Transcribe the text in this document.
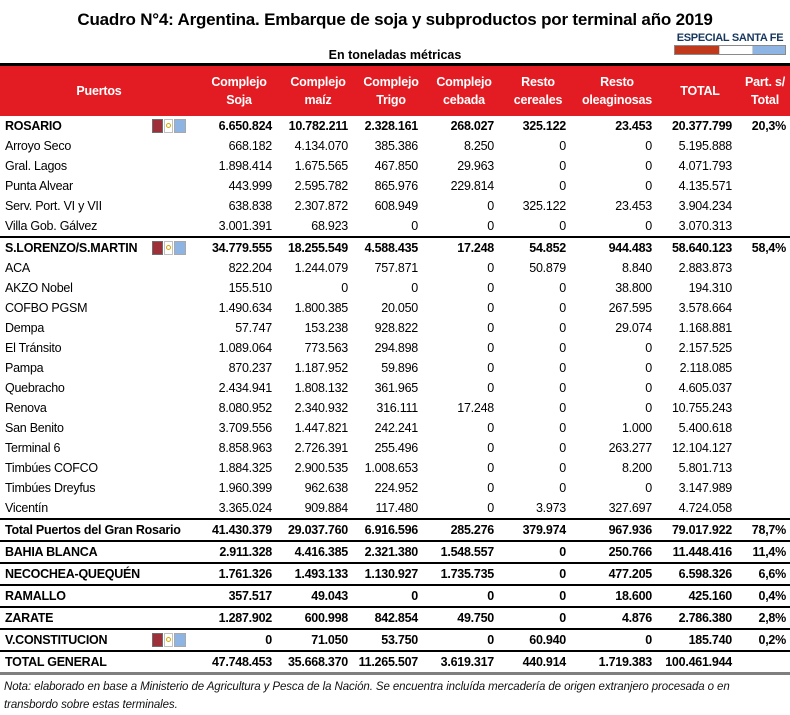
Cuadro N°4: Argentina. Embarque de soja y subproductos por terminal año 2019
En toneladas métricas
ESPECIAL SANTA FE
Puertos	Complejo Soja	Complejo maíz	Complejo Trigo	Complejo cebada	Resto cereales	Resto oleaginosas	TOTAL	Part. s/ Total
ROSARIO	6.650.824	10.782.211	2.328.161	268.027	325.122	23.453	20.377.799	20,3%
Arroyo Seco	668.182	4.134.070	385.386	8.250	0	0	5.195.888	
Gral. Lagos	1.898.414	1.675.565	467.850	29.963	0	0	4.071.793	
Punta Alvear	443.999	2.595.782	865.976	229.814	0	0	4.135.571	
Serv. Port. VI y VII	638.838	2.307.872	608.949	0	325.122	23.453	3.904.234	
Villa Gob. Gálvez	3.001.391	68.923	0	0	0	0	3.070.313	
S.LORENZO/S.MARTIN	34.779.555	18.255.549	4.588.435	17.248	54.852	944.483	58.640.123	58,4%
ACA	822.204	1.244.079	757.871	0	50.879	8.840	2.883.873	
AKZO Nobel	155.510	0	0	0	0	38.800	194.310	
COFBO PGSM	1.490.634	1.800.385	20.050	0	0	267.595	3.578.664	
Dempa	57.747	153.238	928.822	0	0	29.074	1.168.881	
El Tránsito	1.089.064	773.563	294.898	0	0	0	2.157.525	
Pampa	870.237	1.187.952	59.896	0	0	0	2.118.085	
Quebracho	2.434.941	1.808.132	361.965	0	0	0	4.605.037	
Renova	8.080.952	2.340.932	316.111	17.248	0	0	10.755.243	
San Benito	3.709.556	1.447.821	242.241	0	0	1.000	5.400.618	
Terminal 6	8.858.963	2.726.391	255.496	0	0	263.277	12.104.127	
Timbúes COFCO	1.884.325	2.900.535	1.008.653	0	0	8.200	5.801.713	
Timbúes Dreyfus	1.960.399	962.638	224.952	0	0	0	3.147.989	
Vicentín	3.365.024	909.884	117.480	0	3.973	327.697	4.724.058	
Total Puertos del Gran Rosario	41.430.379	29.037.760	6.916.596	285.276	379.974	967.936	79.017.922	78,7%
BAHIA BLANCA	2.911.328	4.416.385	2.321.380	1.548.557	0	250.766	11.448.416	11,4%
NECOCHEA-QUEQUÉN	1.761.326	1.493.133	1.130.927	1.735.735	0	477.205	6.598.326	6,6%
RAMALLO	357.517	49.043	0	0	0	18.600	425.160	0,4%
ZARATE	1.287.902	600.998	842.854	49.750	0	4.876	2.786.380	2,8%
V.CONSTITUCION	0	71.050	53.750	0	60.940	0	185.740	0,2%
TOTAL GENERAL	47.748.453	35.668.370	11.265.507	3.619.317	440.914	1.719.383	100.461.944	
Nota: elaborado en base a Ministerio de Agricultura y Pesca de la Nación. Se encuentra incluída mercadería de origen extranjero procesada o en transbordo sobre estas terminales.
